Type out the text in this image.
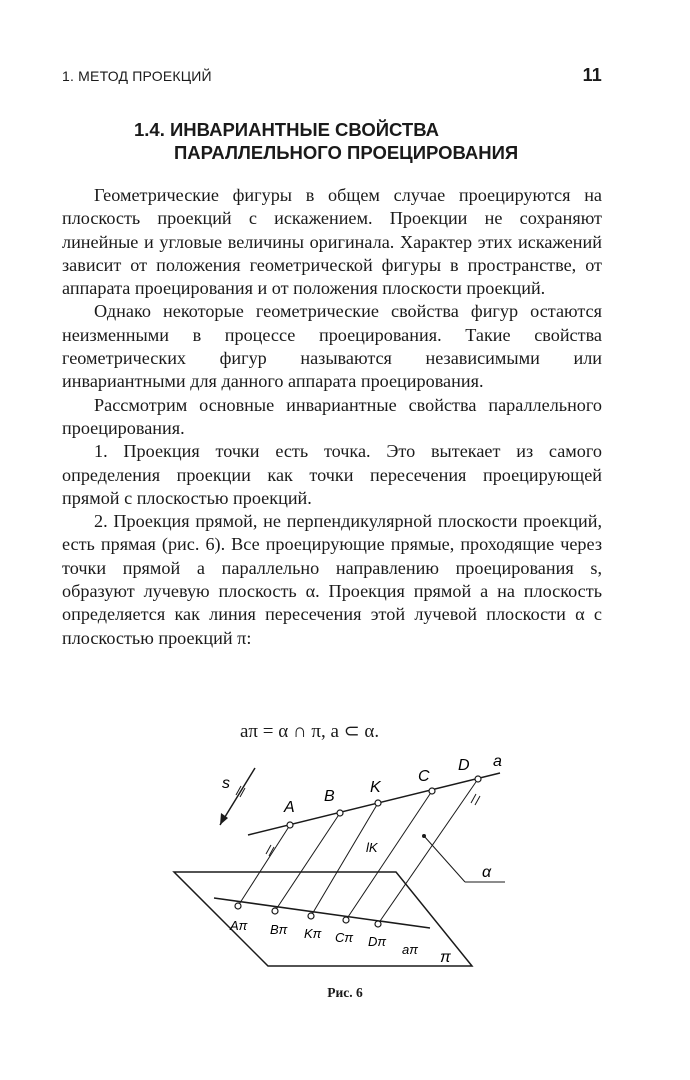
1. МЕТОД ПРОЕКЦИЙ	11
1.4. ИНВАРИАНТНЫЕ СВОЙСТВА
ПАРАЛЛЕЛЬНОГО ПРОЕЦИРОВАНИЯ

Геометрические фигуры в общем случае проецируются на плоскость проекций с искажением. Проекции не сохраняют линейные и угловые величины оригинала. Характер этих искажений зависит от положения геометрической фигуры в пространстве, от аппарата проецирования и от положения плоскости проекций.

Однако некоторые геометрические свойства фигур остаются неизменными в процессе проецирования. Такие свойства геометрических фигур называются независимыми или инвариантными для данного аппарата проецирования.

Рассмотрим основные инвариантные свойства параллельного проецирования.

1. Проекция точки есть точка. Это вытекает из самого определения проекции как точки пересечения проецирующей прямой с плоскостью проекций.

2. Проекция прямой, не перпендикулярной плоскости проекций, есть прямая (рис. 6). Все проецирующие прямые, проходящие через точки прямой a параллельно направлению проецирования s, образуют лучевую плоскость α. Проекция прямой a на плоскость определяется как линия пересечения этой лучевой плоскости α с плоскостью проекций π:

aπ = α ∩ π, a ⊂ α.
s
A
B
K
C
D a
lK
α
Aπ Bπ Kπ Cπ Dπ
aπ π
Рис. 6
